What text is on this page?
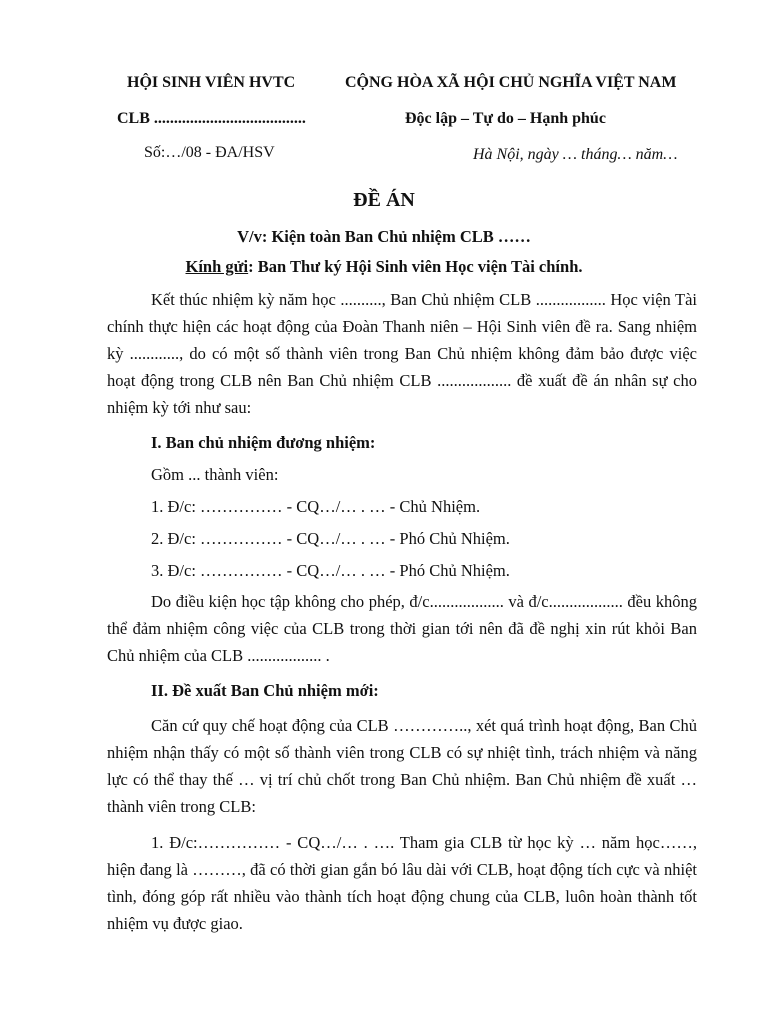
HỘI SINH VIÊN HVTC
CLB ......................................
Số:…/08 - ĐA/HSV
CỘNG HÒA XÃ HỘI CHỦ NGHĨA VIỆT NAM
Độc lập – Tự do – Hạnh phúc
Hà Nội, ngày … tháng… năm…
ĐỀ ÁN
V/v: Kiện toàn Ban Chủ nhiệm CLB ……
Kính gửi: Ban Thư ký Hội Sinh viên Học viện Tài chính.

Kết thúc nhiệm kỳ năm học .........., Ban Chủ nhiệm CLB ................. Học viện Tài chính thực hiện các hoạt động của Đoàn Thanh niên – Hội Sinh viên đề ra. Sang nhiệm kỳ ............, do có một số thành viên trong Ban Chủ nhiệm không đảm bảo được việc hoạt động trong CLB nên Ban Chủ nhiệm CLB .................. đề xuất đề án nhân sự cho nhiệm kỳ tới như sau:

I. Ban chủ nhiệm đương nhiệm:

Gồm ... thành viên:

1. Đ/c: …………… - CQ…/… . … - Chủ Nhiệm.

2. Đ/c: …………… - CQ…/… . … - Phó Chủ Nhiệm.

3. Đ/c: …………… - CQ…/… . … - Phó Chủ Nhiệm.

Do điều kiện học tập không cho phép, đ/c.................. và đ/c.................. đều không thể đảm nhiệm công việc của CLB trong thời gian tới nên đã đề nghị xin rút khỏi Ban Chủ nhiệm của CLB .................. .

II. Đề xuất Ban Chủ nhiệm mới:

Căn cứ quy chế hoạt động của CLB ………….., xét quá trình hoạt động, Ban Chủ nhiệm nhận thấy có một số thành viên trong CLB có sự nhiệt tình, trách nhiệm và năng lực có thể thay thế … vị trí chủ chốt trong Ban Chủ nhiệm. Ban Chủ nhiệm đề xuất … thành viên trong CLB:

1. Đ/c:…………… - CQ…/… . …. Tham gia CLB từ học kỳ … năm học……, hiện đang là ………, đã có thời gian gắn bó lâu dài với CLB, hoạt động tích cực và nhiệt tình, đóng góp rất nhiều vào thành tích hoạt động chung của CLB, luôn hoàn thành tốt nhiệm vụ được giao.
